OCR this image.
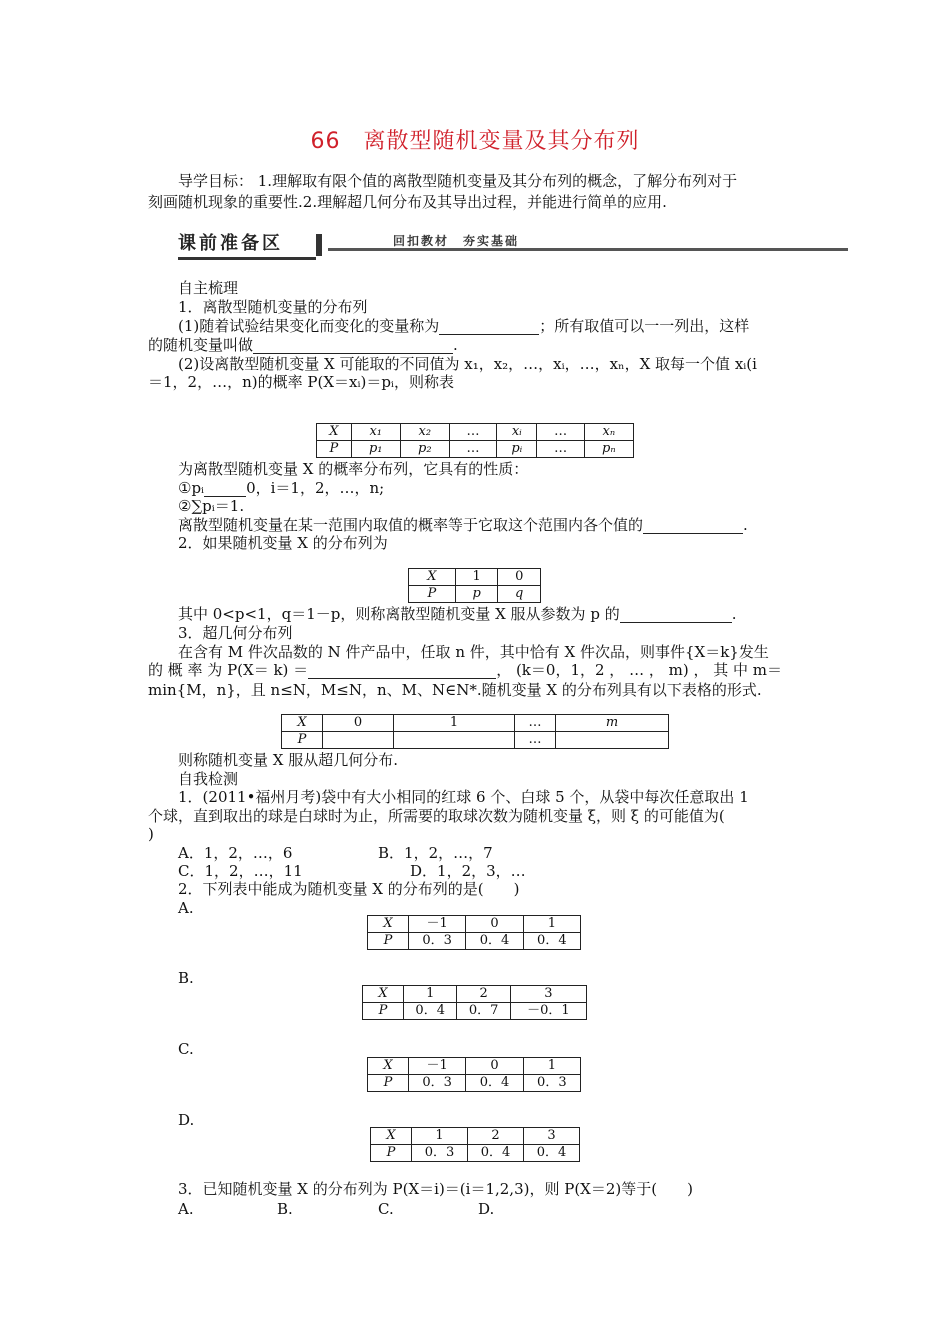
66　离散型随机变量及其分布列
导学目标： 1.理解取有限个值的离散型随机变量及其分布列的概念，了解分布列对于
刻画随机现象的重要性.2.理解超几何分布及其导出过程，并能进行简单的应用.
课前准备区	回扣教材　夯实基础
自主梳理
1．离散型随机变量的分布列
(1)随着试验结果变化而变化的变量称为	；所有取值可以一一列出，这样
的随机变量叫做	.
(2)设离散型随机变量 X 可能取的不同值为 x₁，x₂，…，xᵢ，…，xₙ，X 取每一个值 xᵢ(i
＝1，2，…，n)的概率 P(X＝xᵢ)＝pᵢ，则称表
X	x₁	x₂	…	xᵢ	…	xₙ
P	p₁	p₂	…	pᵢ	…	pₙ
为离散型随机变量 X 的概率分布列，它具有的性质：
①pᵢ	0，i＝1，2，…，n;
②∑pᵢ＝1.
离散型随机变量在某一范围内取值的概率等于它取这个范围内各个值的	.
2．如果随机变量 X 的分布列为
X	1	0
P	p	q
其中 0<p<1，q＝1－p，则称离散型随机变量 X 服从参数为 p 的	.
3．超几何分布列
在含有 M 件次品数的 N 件产品中，任取 n 件，其中恰有 X 件次品，则事件{X＝k}发生
的 概 率 为 P(X＝ k) ＝	， (k＝0，1，2 ， … ， m) ， 其 中 m＝
min{M，n}，且 n≤N，M≤N，n、M、N∈N*.随机变量 X 的分布列具有以下表格的形式.
X	0	1	…	m
P			…	
则称随机变量 X 服从超几何分布.
自我检测
1．(2011•福州月考)袋中有大小相同的红球 6 个、白球 5 个，从袋中每次任意取出 1
个球，直到取出的球是白球时为止，所需要的取球次数为随机变量 ξ，则 ξ 的可能值为(
)
A．1，2，…，6	B．1，2，…，7
C．1，2，…，11	D．1，2，3，…
2．下列表中能成为随机变量 X 的分布列的是(　　)
A.
X	－1	0	1
P	0．3	0．4	0．4
B.
X	1	2	3
P	0．4	0．7	－0．1
C.
X	－1	0	1
P	0．3	0．4	0．3
D.
X	1	2	3
P	0．3	0．4	0．4
3．已知随机变量 X 的分布列为 P(X＝i)＝(i＝1,2,3)，则 P(X＝2)等于(　　)
A.	B.	C.	D.
